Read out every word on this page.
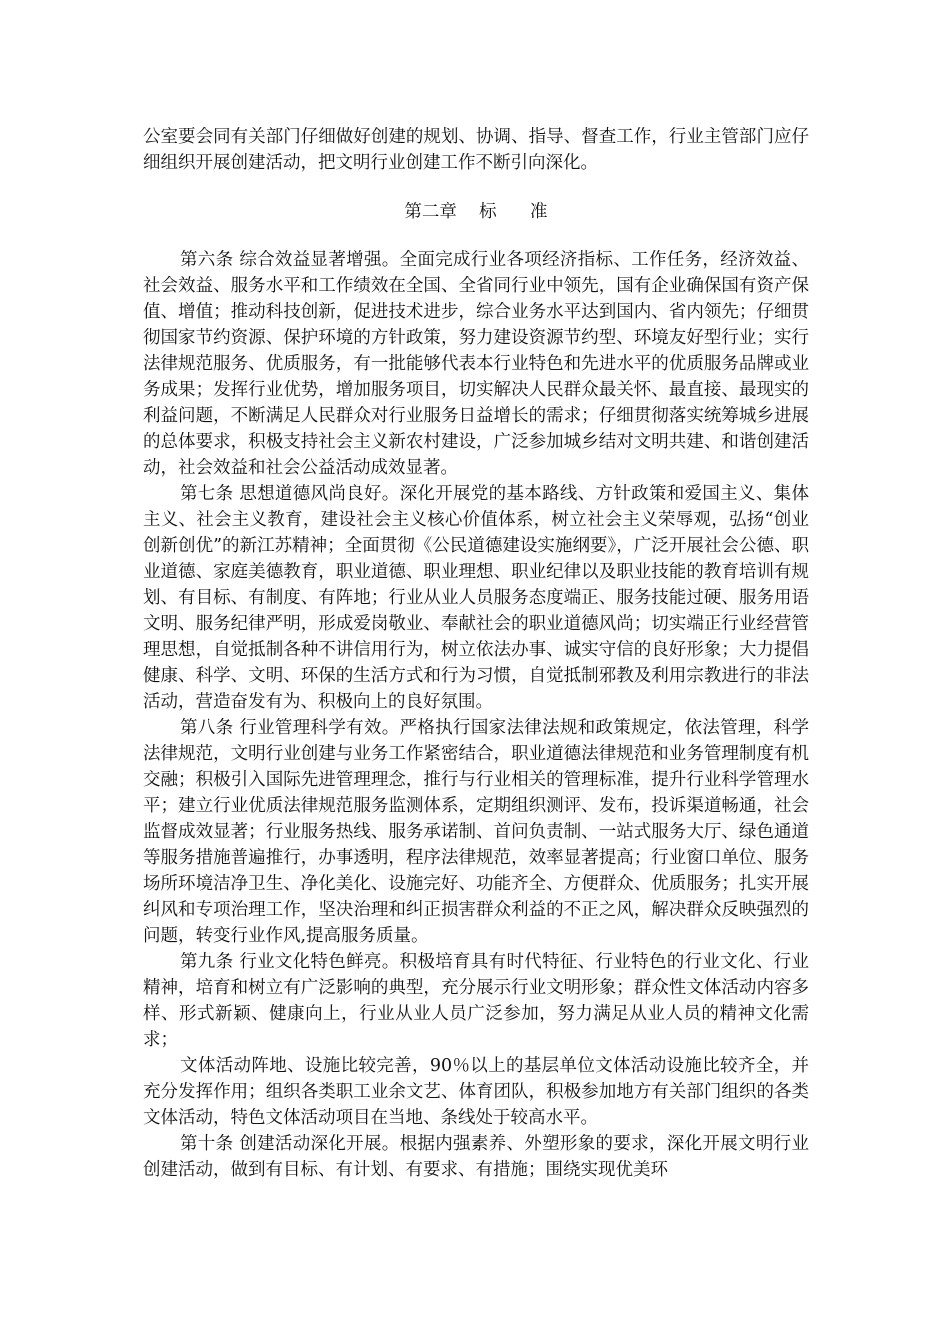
公室要会同有关部门仔细做好创建的规划、协调、指导、督查工作，行业主管部门应仔细组织开展创建活动，把文明行业创建工作不断引向深化。

第二章    标      准

第六条 综合效益显著增强。全面完成行业各项经济指标、工作任务，经济效益、社会效益、服务水平和工作绩效在全国、全省同行业中领先，国有企业确保国有资产保值、增值；推动科技创新，促进技术进步，综合业务水平达到国内、省内领先；仔细贯彻国家节约资源、保护环境的方针政策，努力建设资源节约型、环境友好型行业；实行法律规范服务、优质服务，有一批能够代表本行业特色和先进水平的优质服务品牌或业务成果；发挥行业优势，增加服务项目，切实解决人民群众最关怀、最直接、最现实的利益问题，不断满足人民群众对行业服务日益增长的需求；仔细贯彻落实统筹城乡进展的总体要求，积极支持社会主义新农村建设，广泛参加城乡结对文明共建、和谐创建活动，社会效益和社会公益活动成效显著。

第七条 思想道德风尚良好。深化开展党的基本路线、方针政策和爱国主义、集体主义、社会主义教育，建设社会主义核心价值体系，树立社会主义荣辱观，弘扬“创业创新创优”的新江苏精神；全面贯彻《公民道德建设实施纲要》，广泛开展社会公德、职业道德、家庭美德教育，职业道德、职业理想、职业纪律以及职业技能的教育培训有规划、有目标、有制度、有阵地；行业从业人员服务态度端正、服务技能过硬、服务用语文明、服务纪律严明，形成爱岗敬业、奉献社会的职业道德风尚；切实端正行业经营管理思想，自觉抵制各种不讲信用行为，树立依法办事、诚实守信的良好形象；大力提倡健康、科学、文明、环保的生活方式和行为习惯，自觉抵制邪教及利用宗教进行的非法活动，营造奋发有为、积极向上的良好氛围。

第八条 行业管理科学有效。严格执行国家法律法规和政策规定，依法管理，科学法律规范，文明行业创建与业务工作紧密结合，职业道德法律规范和业务管理制度有机交融；积极引入国际先进管理理念，推行与行业相关的管理标准，提升行业科学管理水平；建立行业优质法律规范服务监测体系，定期组织测评、发布，投诉渠道畅通，社会监督成效显著；行业服务热线、服务承诺制、首问负责制、一站式服务大厅、绿色通道等服务措施普遍推行，办事透明，程序法律规范，效率显著提高；行业窗口单位、服务场所环境洁净卫生、净化美化、设施完好、功能齐全、方便群众、优质服务；扎实开展纠风和专项治理工作，坚决治理和纠正损害群众利益的不正之风，解决群众反映强烈的问题，转变行业作风,提高服务质量。

第九条 行业文化特色鲜亮。积极培育具有时代特征、行业特色的行业文化、行业精神，培育和树立有广泛影响的典型，充分展示行业文明形象；群众性文体活动内容多样、形式新颖、健康向上，行业从业人员广泛参加，努力满足从业人员的精神文化需求；

文体活动阵地、设施比较完善，90％以上的基层单位文体活动设施比较齐全，并充分发挥作用；组织各类职工业余文艺、体育团队，积极参加地方有关部门组织的各类文体活动，特色文体活动项目在当地、条线处于较高水平。

第十条 创建活动深化开展。根据内强素养、外塑形象的要求，深化开展文明行业创建活动，做到有目标、有计划、有要求、有措施；围绕实现优美环
